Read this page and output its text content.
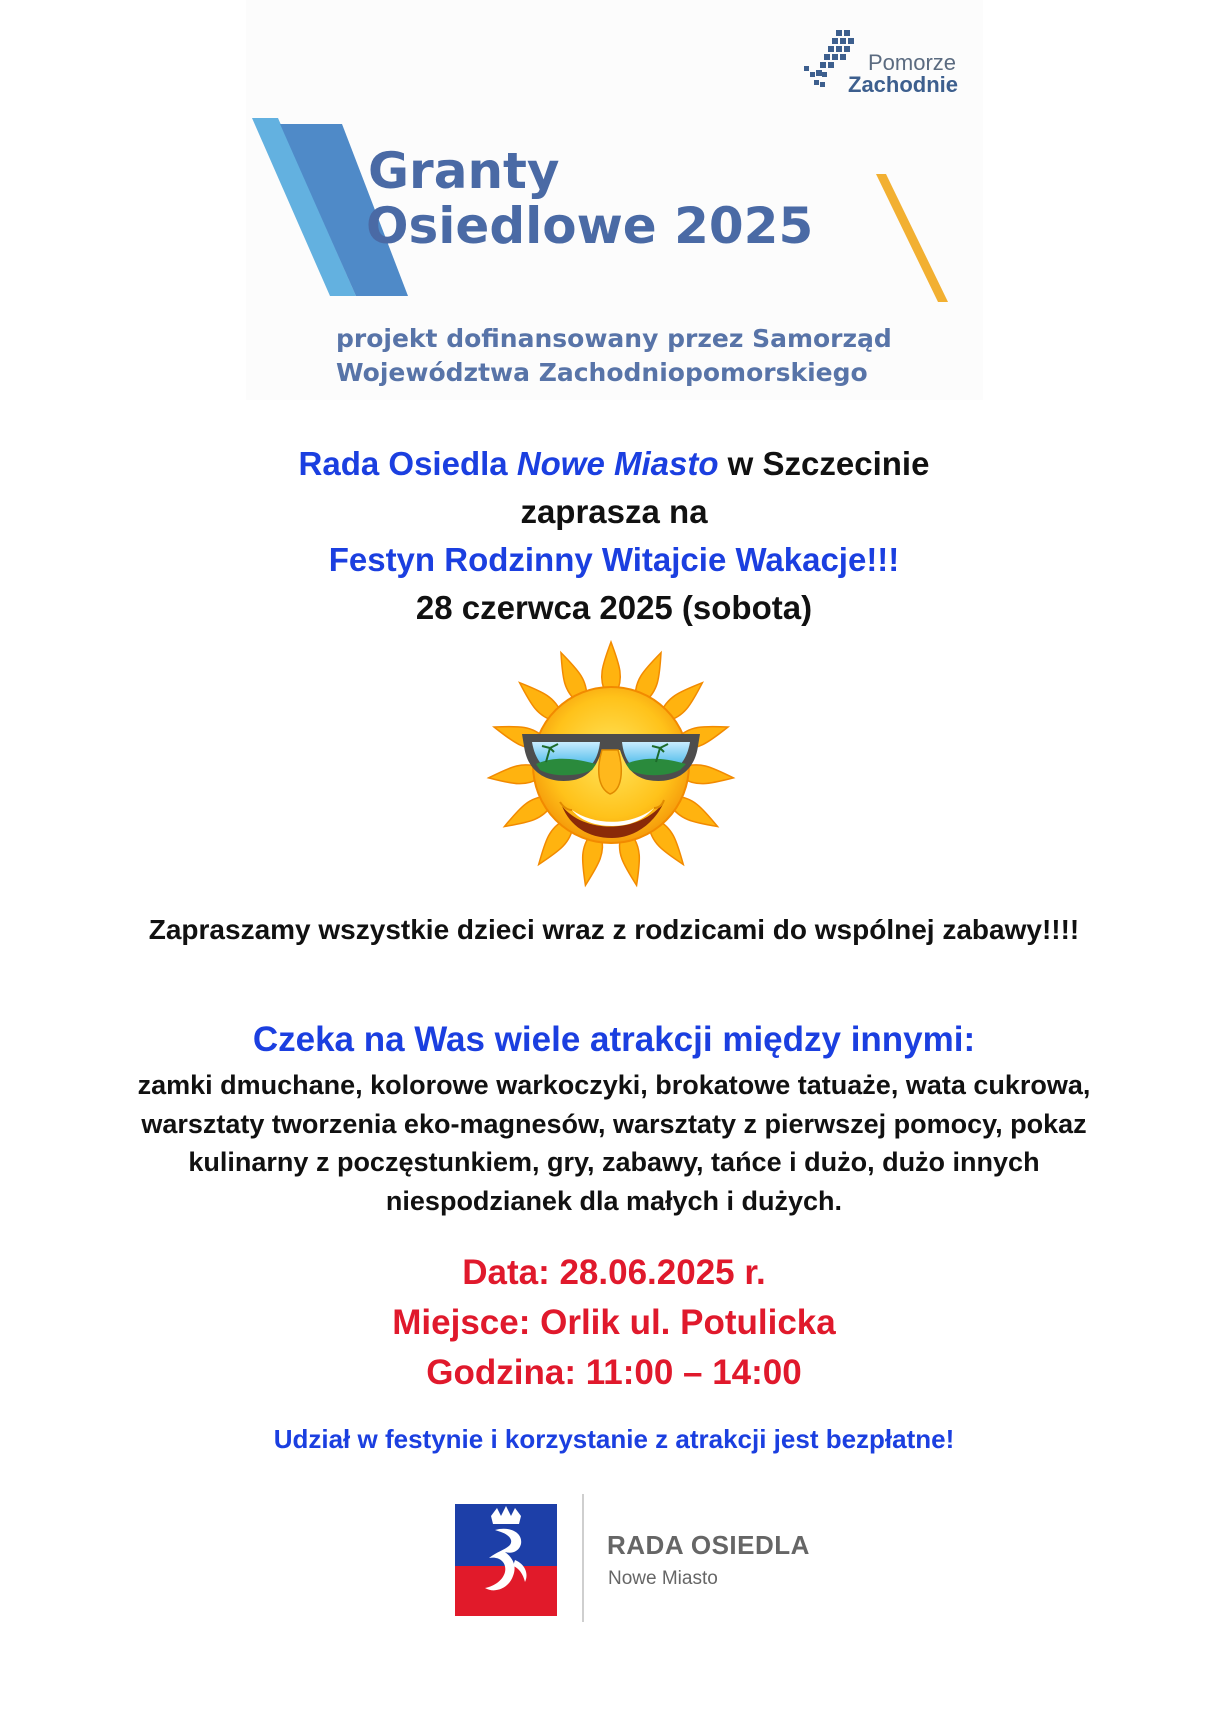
Pomorze
Zachodnie
Granty
Osiedlowe 2025
projekt dofinansowany przez Samorząd
Województwa Zachodniopomorskiego
Rada Osiedla Nowe Miasto w Szczecinie
zaprasza na
Festyn Rodzinny Witajcie Wakacje!!!
28 czerwca 2025 (sobota)
Zapraszamy wszystkie dzieci wraz z rodzicami do wspólnej zabawy!!!!
Czeka na Was wiele atrakcji między innymi:
zamki dmuchane, kolorowe warkoczyki, brokatowe tatuaże, wata cukrowa, warsztaty tworzenia eko-magnesów, warsztaty z pierwszej pomocy, pokaz kulinarny z poczęstunkiem, gry, zabawy, tańce i dużo, dużo innych niespodzianek dla małych i dużych.
Data: 28.06.2025 r.
Miejsce: Orlik ul. Potulicka
Godzina: 11:00 – 14:00
Udział w festynie i korzystanie z atrakcji jest bezpłatne!
RADA OSIEDLA
Nowe Miasto
